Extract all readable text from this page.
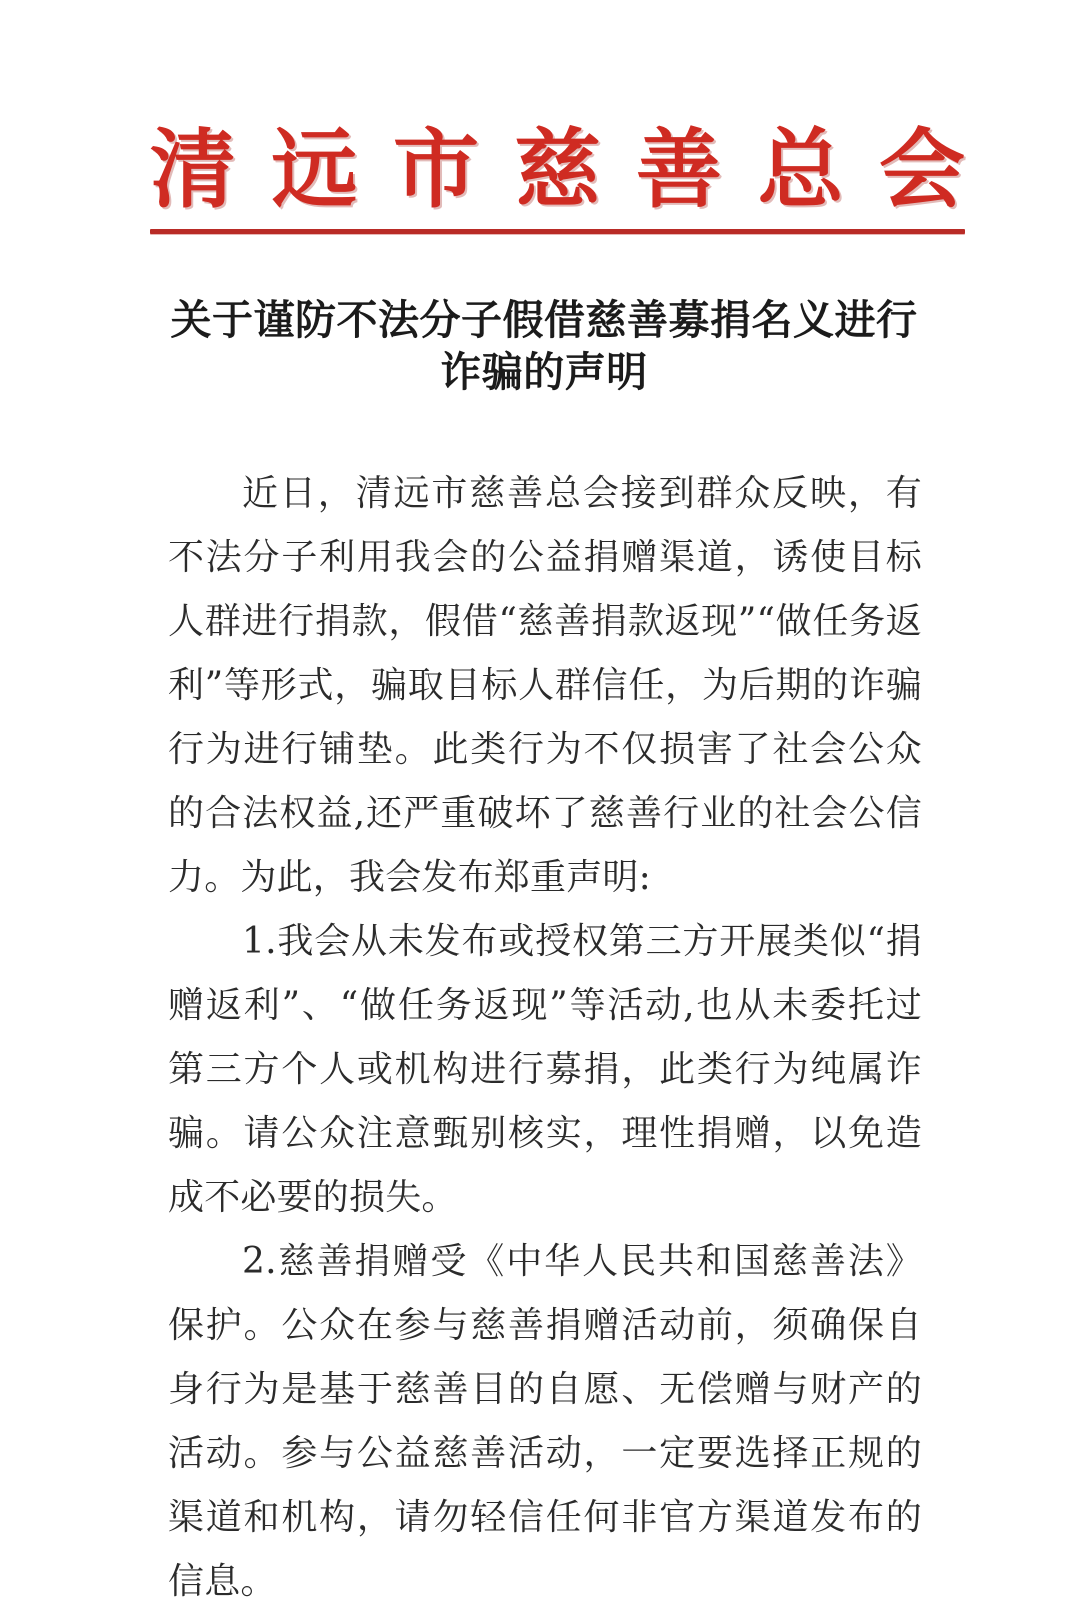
清 远 市 慈 善 总 会
关于谨防不法分子假借慈善募捐名义进行
诈骗的声明

近日，清远市慈善总会接到群众反映，有不法分子利用我会的公益捐赠渠道，诱使目标人群进行捐款，假借“慈善捐款返现”“做任务返利”等形式，骗取目标人群信任，为后期的诈骗行为进行铺垫。此类行为不仅损害了社会公众的合法权益,还严重破坏了慈善行业的社会公信力。为此，我会发布郑重声明:

1.我会从未发布或授权第三方开展类似“捐赠返利”、“做任务返现”等活动,也从未委托过第三方个人或机构进行募捐，此类行为纯属诈骗。请公众注意甄别核实，理性捐赠，以免造成不必要的损失。

2.慈善捐赠受《中华人民共和国慈善法》保护。公众在参与慈善捐赠活动前，须确保自身行为是基于慈善目的自愿、无偿赠与财产的活动。参与公益慈善活动，一定要选择正规的渠道和机构，请勿轻信任何非官方渠道发布的信息。
